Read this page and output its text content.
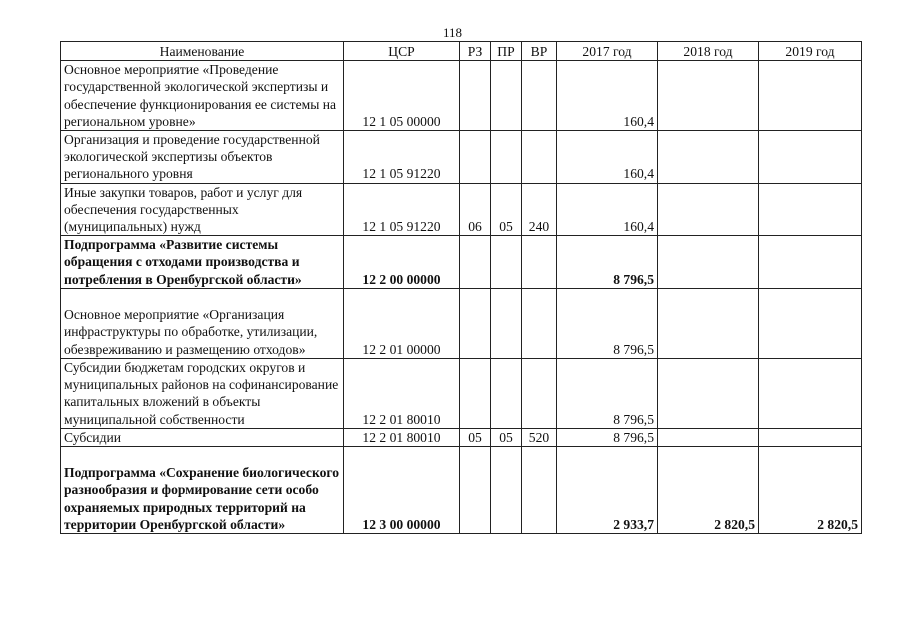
118
Наименование	ЦСР	РЗ	ПР	ВР	2017 год	2018 год	2019 год
Основное мероприятие «Проведение государственной экологической экспертизы и обеспечение функционирования ее системы на региональном уровне»	12 1 05 00000				160,4		
Организация и проведение государственной экологической экспертизы объектов регионального уровня	12 1 05 91220				160,4		
Иные закупки товаров, работ и услуг для обеспечения государственных (муниципальных) нужд	12 1 05 91220	06	05	240	160,4		
Подпрограмма «Развитие системы обращения с отходами производства и потребления в Оренбургской области»	12 2 00 00000				8 796,5		
Основное мероприятие «Организация инфраструктуры по обработке, утилизации, обезвреживанию и размещению отходов»	12 2 01 00000				8 796,5		
Субсидии бюджетам городских округов и муниципальных районов на софинансирование капитальных вложений в объекты муниципальной собственности	12 2 01 80010				8 796,5		
Субсидии	12 2 01 80010	05	05	520	8 796,5		
Подпрограмма «Сохранение биологического разнообразия и формирование сети особо охраняемых природных территорий на территории Оренбургской области»	12 3 00 00000				2 933,7	2 820,5	2 820,5
